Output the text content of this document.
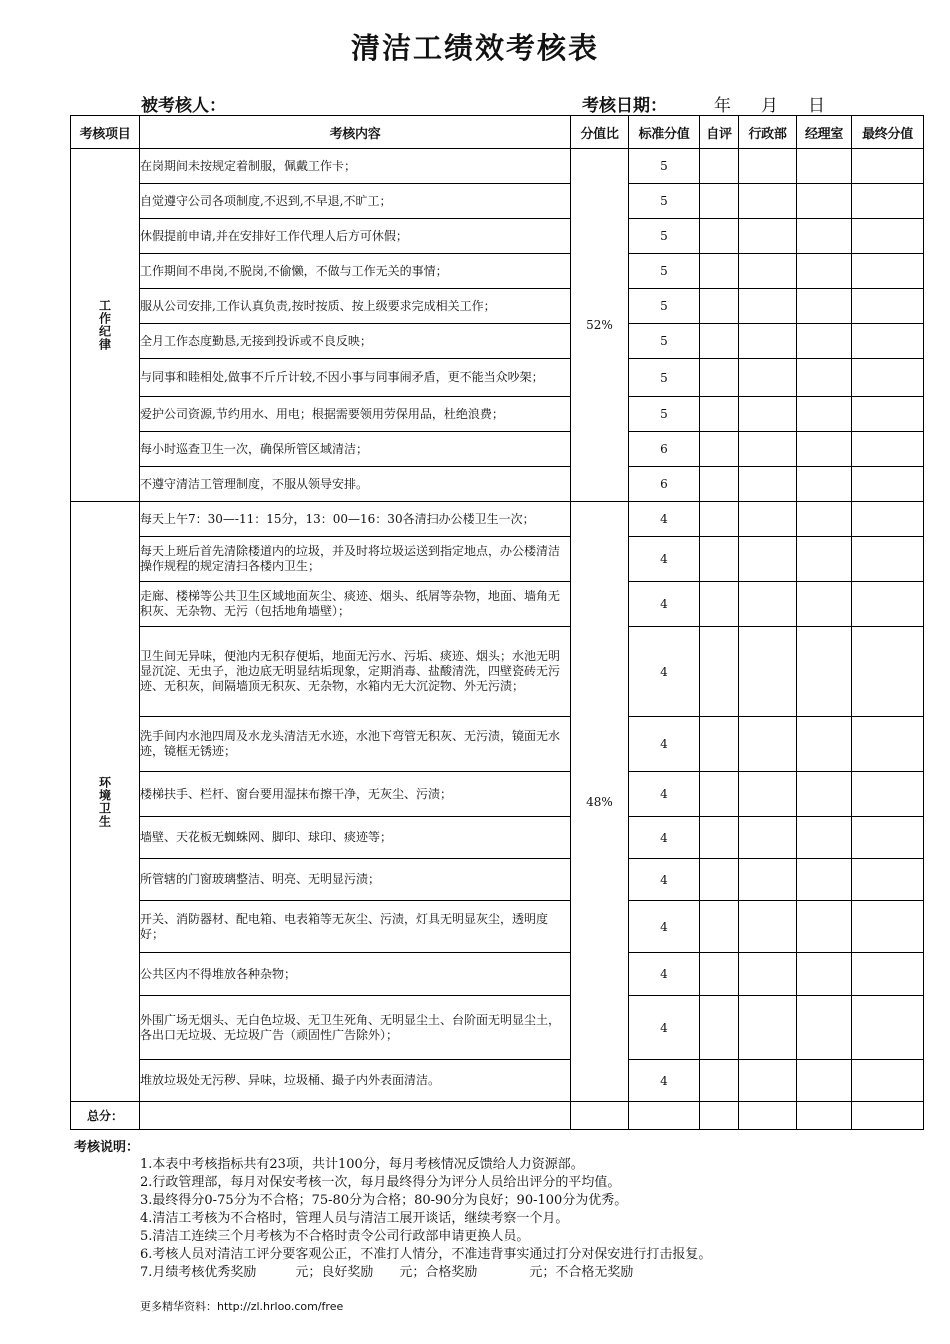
清洁工绩效考核表
被考核人：	考核日期：	年 月 日
考核项目	考核内容	分值比	标准分值	自评	行政部	经理室	最终分值
工作纪律	在岗期间未按规定着制服，佩戴工作卡；	52%	5				
	自觉遵守公司各项制度,不迟到,不早退,不旷工；		5				
	休假提前申请,并在安排好工作代理人后方可休假；		5				
	工作期间不串岗,不脱岗,不偷懒，不做与工作无关的事情；		5				
	服从公司安排,工作认真负责,按时按质、按上级要求完成相关工作；		5				
	全月工作态度勤恳,无接到投诉或不良反映；		5				
	与同事和睦相处,做事不斤斤计较,不因小事与同事闹矛盾，更不能当众吵架；		5				
	爱护公司资源,节约用水、用电；根据需要领用劳保用品，杜绝浪费；		5				
	每小时巡查卫生一次，确保所管区域清洁；		6				
	不遵守清洁工管理制度，不服从领导安排。		6				
环境卫生	每天上午7：30—-11：15分，13：00—16：30各清扫办公楼卫生一次；	48%	4				
	每天上班后首先清除楼道内的垃圾，并及时将垃圾运送到指定地点，办公楼清洁操作规程的规定清扫各楼内卫生；		4				
	走廊、楼梯等公共卫生区域地面灰尘、痰迹、烟头、纸屑等杂物，地面、墙角无积灰、无杂物、无污（包括地角墙壁）；		4				
	卫生间无异味，便池内无积存便垢，地面无污水、污垢、痰迹、烟头；水池无明显沉淀、无虫子，池边底无明显结垢现象，定期消毒、盐酸清洗，四壁瓷砖无污迹、无积灰，间隔墙顶无积灰、无杂物，水箱内无大沉淀物、外无污渍；		4				
	洗手间内水池四周及水龙头清洁无水迹，水池下弯管无积灰、无污渍，镜面无水迹，镜框无锈迹；		4				
	楼梯扶手、栏杆、窗台要用湿抹布擦干净，无灰尘、污渍；		4				
	墙壁、天花板无蜘蛛网、脚印、球印、痰迹等；		4				
	所管辖的门窗玻璃整洁、明亮、无明显污渍；		4				
	开关、消防器材、配电箱、电表箱等无灰尘、污渍，灯具无明显灰尘，透明度好；		4				
	公共区内不得堆放各种杂物；		4				
	外围广场无烟头、无白色垃圾、无卫生死角、无明显尘土、台阶面无明显尘土，各出口无垃圾、无垃圾广告（顽固性广告除外）；		4				
	堆放垃圾处无污秽、异味，垃圾桶、撮子内外表面清洁。		4				
总分：							
考核说明：
1.本表中考核指标共有23项，共计100分，每月考核情况反馈给人力资源部。
2.行政管理部，每月对保安考核一次，每月最终得分为评分人员给出评分的平均值。
3.最终得分0-75分为不合格；75-80分为合格；80-90分为良好；90-100分为优秀。
4.清洁工考核为不合格时，管理人员与清洁工展开谈话，继续考察一个月。
5.清洁工连续三个月考核为不合格时责令公司行政部申请更换人员。
6.考核人员对清洁工评分要客观公正，不准打人情分，不准违背事实通过打分对保安进行打击报复。
7.月绩考核优秀奖励　　　元；良好奖励　　元；合格奖励　　　　元；不合格无奖励
更多精华资料：http://zl.hrloo.com/free
